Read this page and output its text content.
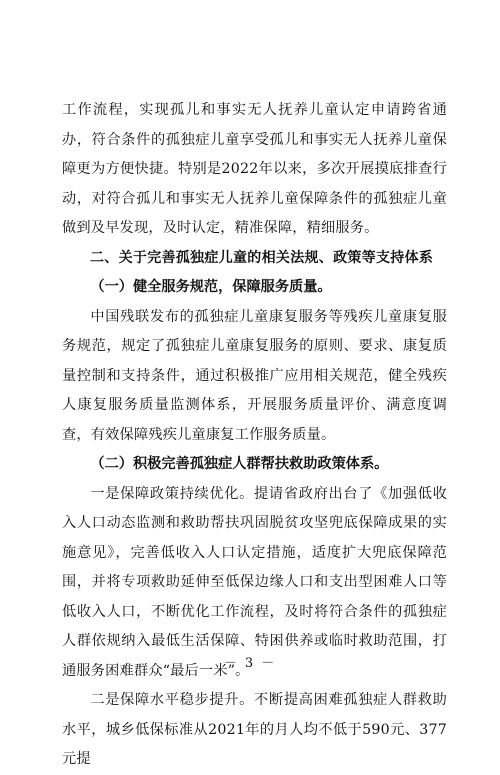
工作流程，实现孤儿和事实无人抚养儿童认定申请跨省通办，符合条件的孤独症儿童享受孤儿和事实无人抚养儿童保障更为方便快捷。特别是2022年以来，多次开展摸底排查行动，对符合孤儿和事实无人抚养儿童保障条件的孤独症儿童做到及早发现，及时认定，精准保障，精细服务。

二、关于完善孤独症儿童的相关法规、政策等支持体系
（一）健全服务规范，保障服务质量。

中国残联发布的孤独症儿童康复服务等残疾儿童康复服务规范，规定了孤独症儿童康复服务的原则、要求、康复质量控制和支持条件，通过积极推广应用相关规范，健全残疾人康复服务质量监测体系，开展服务质量评价、满意度调查，有效保障残疾儿童康复工作服务质量。

（二）积极完善孤独症人群帮扶救助政策体系。

一是保障政策持续优化。提请省政府出台了《加强低收入人口动态监测和救助帮扶巩固脱贫攻坚兜底保障成果的实施意见》，完善低收入人口认定措施，适度扩大兜底保障范围，并将专项救助延伸至低保边缘人口和支出型困难人口等低收入人口，不断优化工作流程，及时将符合条件的孤独症人群依规纳入最低生活保障、特困供养或临时救助范围，打通服务困难群众“最后一米”。

二是保障水平稳步提升。不断提高困难孤独症人群救助水平，城乡低保标准从2021年的月人均不低于590元、377元提

－ 3 －
